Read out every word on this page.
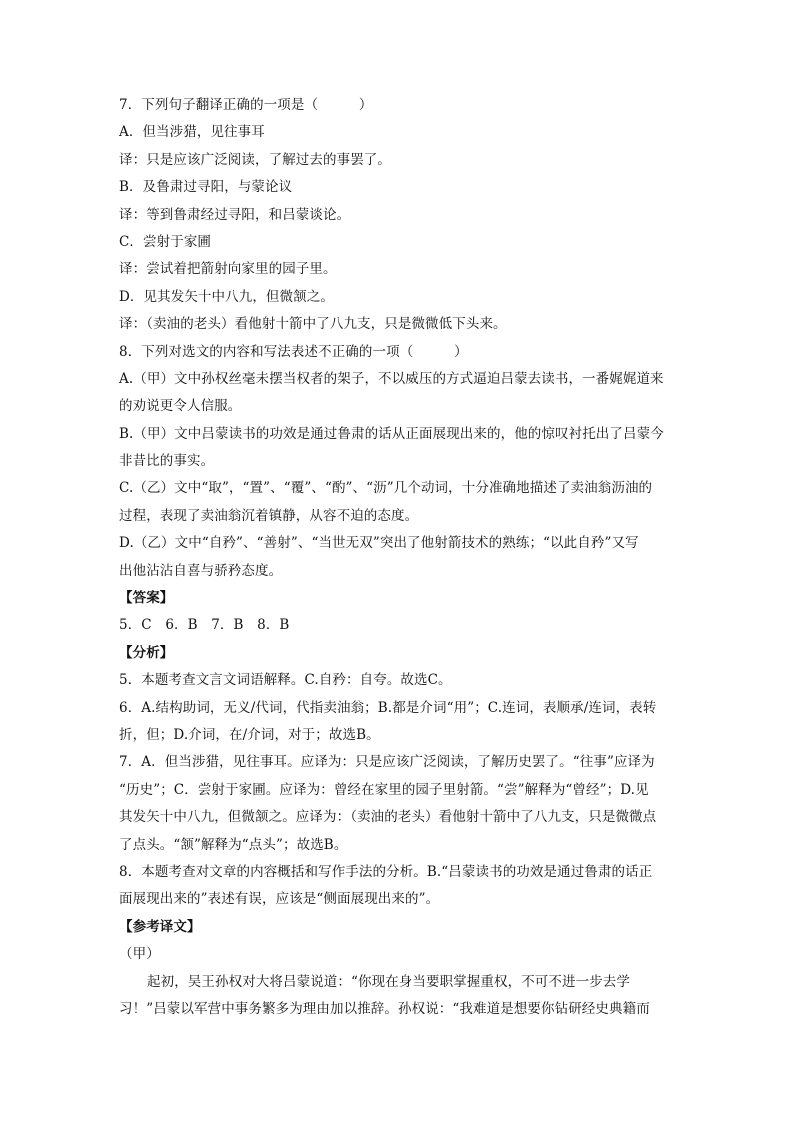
7．下列句子翻译正确的一项是（　　　）
A．但当涉猎，见往事耳
译：只是应该广泛阅读，了解过去的事罢了。
B．及鲁肃过寻阳，与蒙论议
译：等到鲁肃经过寻阳，和吕蒙谈论。
C．尝射于家圃
译：尝试着把箭射向家里的园子里。
D．见其发矢十中八九，但微颔之。
译：（卖油的老头）看他射十箭中了八九支，只是微微低下头来。
8．下列对选文的内容和写法表述不正确的一项（　　　）
A.（甲）文中孙权丝毫未摆当权者的架子，不以威压的方式逼迫吕蒙去读书，一番娓娓道来
的劝说更令人信服。
B.（甲）文中吕蒙读书的功效是通过鲁肃的话从正面展现出来的，他的惊叹衬托出了吕蒙今
非昔比的事实。
C.（乙）文中“取”，“置”、“覆”、“酌”、“沥”几个动词，十分准确地描述了卖油翁沥油的
过程，表现了卖油翁沉着镇静，从容不迫的态度。
D.（乙）文中“自矜”、“善射”、“当世无双”突出了他射箭技术的熟练；“以此自矜”又写
出他沾沾自喜与骄矜态度。
【答案】
5．C　6．B　7．B　8．B
【分析】
5．本题考查文言文词语解释。C.自矜：自夸。故选C。
6．A.结构助词，无义/代词，代指卖油翁；B.都是介词“用”；C.连词，表顺承/连词，表转
折，但；D.介词，在/介词，对于；故选B。
7．A．但当涉猎，见往事耳。应译为：只是应该广泛阅读，了解历史罢了。“往事”应译为
“历史”；C．尝射于家圃。应译为：曾经在家里的园子里射箭。“尝”解释为“曾经”；D.见
其发矢十中八九，但微颔之。应译为：（卖油的老头）看他射十箭中了八九支，只是微微点
了点头。“颔”解释为“点头”；故选B。
8．本题考查对文章的内容概括和写作手法的分析。B.“吕蒙读书的功效是通过鲁肃的话正
面展现出来的”表述有误，应该是“侧面展现出来的”。
【参考译文】
（甲）
起初，吴王孙权对大将吕蒙说道：“你现在身当要职掌握重权，不可不进一步去学
习！”吕蒙以军营中事务繁多为理由加以推辞。孙权说：“我难道是想要你钻研经史典籍而
